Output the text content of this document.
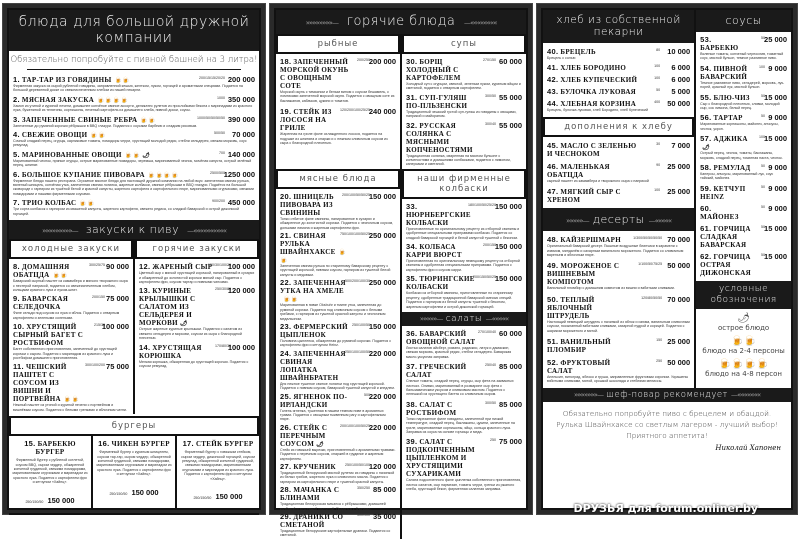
блюда для большой дружной компании
Обязательно попробуйте с пивной башней на 3 литра!
1. ТАР-ТАР ИЗ ГОВЯДИНЫ 🍺🍺
Фирменная закуска из сырой рубленой говядины, заправленной кешью, желтком, луком, горчицей и ароматными специями. Подается на большой деревянной доске со свежеиспеченным хлебом из нашей пекарни.
200/15/15/20/20 200 000
2. МЯСНАЯ ЗАКУСКА 🍺🍺🍺🍺
Хамон из утиной и куриной печени, домашнее копчёное свиное ассорти, деликатес рулетов из прослойками бекона с маринадами из красного лука, бужениной из телятины, корнишоны, печеный картофель из домашнего хлеба, пивной доски, соусы.
1000 350 000
3. ЗАПЕЧЕННЫЕ СВИНЫЕ РЕБРА 🍺🍺
Запеченные до румяной корочки рёбрышки в BBQ глазури. Подаются с соусами барбекю и сладким рисовым.
1000/50/50/50/50 390 000
4. СВЕЖИЕ ОВОЩИ 🍺🍺
Сочный сладкий перец, огурцы, карликовые томаты, помидоры черри, хрустящий молодой редис, стебли сельдерея, свежая морковь, соус ремулад.
500/50 70 000
5. МАРИНОВАННЫЕ ОВОЩИ 🍺🍺 🌶
Маринованный чеснок, пряные огурцы, острые маринованные помидоры, черемша, маринованный чеснок, мочёная капуста, острый зелёный перец, шпинат.
700 140 000
6. БОЛЬШОЕ КУПАНИЕ ПИВОВАРА 🍺🍺🍺🍺
Фирменное блюдо нашего ресторана. Огромное мясное блюдо для настоящей дружной компании на любой вкус: запеченная свиная рулька, вяленый шницель, копчёная утка, запеченная свиная лопатка, жареные колбаски, свиные рёбрышки в BBQ глазури. Подаётся на большой сковороде с гарниром из тушёной белой и красной капусты, жареного картофеля и картофельного пюре, маринованными огурчиками, свежими помидорами и нашими фирменными соусами.
2500/500
1250 000
7. ТРИО КОЛБАС 🍺🍺
Три сорта колбасок с гарниром из квашеной капусты, жареного картофеля, свежего редиса, со сладкой баварской и острой дижонской горчицей.
900/200 450 000
»»»»»»»»»— закуски к пиву —««««««««««
холодные закуски
8. ДОМАШНЯЯ ОБАТЦДА 🍺🍺
Баварский сырный паштет из камамбера и мягкого творожного сыра с нестерой паприкой, подается со свежеиспеченным хлебом, кольцами красного лука и луком-шнит.
300/25/75 90 000
9. БАВАРСКАЯ СЕЛЕДОЧКА
Филе сельди под соусом из лука и яблок. Подается с отварным картофелем и зелеными солеными.
200/150 75 000
10. ХРУСТЯЩИЙ СЫРНЫЙ БАГЕТ С РОСТБИФОМ
Багет собственного приготовления, запеченный до хрустящей корочки с сыром. Подается с маринадом из красного лука и ростбифом домашнего приготовления.
215/30
100 000
11. ЧЕШСКИЙ ПАШТЕТ С СОУСОМ ИЗ ВИШНИ И ПОРТВЕЙНА 🍺🍺
Нежный паштет из утиной и куриной печени с портвейном и вишнёвым соусом. Подается с белыми гренками и яблочным чатни.
300/100/200 75 000
горячие закуски
12. ЖАРЕНЫЙ СЫР
Цветный сыр с мягкой хрустящей корочкой, панированный в сухарях и обжаренный до золотистой корочки мягкий сыр. Подается с картофелем фри, соусом тартар и пивными чипсами.
150/30/100/20
100 000
13. КУРИНЫЕ КРЫЛЫШКИ С САЛАТОМ ИЗ СЕЛЬДЕРЕЯ И МОРКОВИ 🌶
Острые жареные куриные крылышки. Подаются с салатом из свежего сельдерея и моркови, соусом из сыра с благородной плесенью.
250/30/80
120 000
14. ХРУСТЯЩАЯ КОРЮШКА
Мелкая корюшка, обжаренная до хрустящей корочки. Подается с соусом ремулад.
170/80/30
100 000
бургеры
15. БАРБЕКЮ БУРГЕР
Фирменный бургер с рубленой котлетой, соусом BBQ, сыром чеддер, обжаренной копченой грудинкой, свежими помидорами, маринованными огурчиками и маринадом из красного лука. Подается с картофелем фри и кетчупом «Хайнц».
250/150/50 150 000
16. ЧИКЕН БУРГЕР
Фирменный бургер с куриным шницелем, соусом тар-тар, сыром чеддер, обжаренной копченой грудинкой, свежими помидорами, маринованными огурчиками и маринадом из красного лука. Подается с картофелем фри и кетчупом «Хайнц».
250/150/50 150 000
17. СТЕЙК БУРГЕР
Фирменный бургер с говяжьим стейком, сыром чеддер, дижонской горчицей, соусом ремулад, обжаренной копченой грудинкой, свежими помидорами, маринованными огурчиками и маринадом из красного лука. Подается с картофелем фри и кетчупом «Хайнц».
250/150/50 150 000
»»»»»»»»— горячие блюда —««««««««
рыбные
18. ЗАПЕЧЕННЫЙ МОРСКОЙ ОКУНЬ С ОВОЩНЫМ СОТЕ
Морской окунь с тимьяном и белым вином с соусом бешамель, с ломтиками запеченной морской окуня. Подается с овощным соте из баклажанов, кабачков, цукини и томатов.
200/250
200 000
19. СТЕЙК ИЗ ЛОСОСЯ НА ГРИЛЕ
Жаренная на гриле филе охлажденного лосося, подается на подушке из шпината и спаржи и с нежным сливочным соусом из сыра с благородной плесенью.
120/200/100/25/25
240 000
супы
30. БОРЩ ХОЛОДНЫЙ С КАРТОФЕЛЕМ
Холодный суп с огурцом, свеклой, зеленым луком, куриным яйцом и сметаной, подается с отварным картофелем.
270/150 60 000
31. СУП-ГУЛЯШ ПО-ПЛЬЗЕНСКИ
Традиционный чешский густой суп-гуляш из говядины с овощами, паприкой и майораном.
300/50 55 000
32. РУССКАЯ СОЛЯНКА С МЯСНЫМИ КОПЧЕНОСТЯМИ
Традиционная солянка, сваренная на мясном бульоне с копченостями и домашними колбасками, подается с лимоном, каперсами и сметаной.
300/40 55 000
мясные блюда
20. ШНИЦЕЛЬ ПИВОВАРА ИЗ СВИНИНЫ
Тонко отбитое филе свинины, панированное в сухарях и обжаренное до золотистой корочки. Подается с чесночным соусом, дольками лимона и жареным картофелем фри.
200/100/50/50/25
150 000
21. СВИНАЯ РУЛЬКА ШВАЙНХАКСЕ 🍺🍺
Запеченная свиная рулька по старинному баварскому рецепту с хрустящей корочкой, пивным соусом, гарниром из тушеной белой капусты и медовым.
750/100/100/50/25
250 000
22. ЗАПЕЧЕННАЯ УТКА НА ХМЕЛЕ🍺🍺
Маринованная в пивке Oksbuhr и тмине утка, запеченная до румяной корочки. Подается под сливочным соусом с белыми грибами, с гарниром из тушеной красной капусты и чесночным медальоном.
500/200/100/30
250 000
23. ФЕРМЕРСКИЙ ЦЫПЛЕНОК
Половина цыпленка, обжаренная до румяной корочки. Подается с картофелем фри и кетчупом Heinz.
250/100/50
150 000
24. ЗАПЕЧЕННАЯ СВИНАЯ ЛОПАТКА ШВАЙНБРАТЕН
Дня нежное тушеное свиное лопатки под хрустящей корочкой. Подается с пивным соусом, баварской тушеной капустой и кнедлем.
250/100/100/50
220 000
25. ЯГНЕНОК ПО-ИРЛАНДСКИ
Голень ягненка, тушенная в нашем темном пиве в ароматных травах. Подается с овощным тыквенным рагу и картофельным пюре.
500
220 000
26. СТЕЙК С ПЕРЕЧНЫМ СОУСОМ 🌶
Стейк из говяжьей вырезки, приготовленный с ароматными травами. Подается с перечным соусом, спаржей в грудинке и жареным картофелем.
200/100/100/50/25
220 000
27. КРУЧЕНИК
Традиционный белорусский мясной рулетик из говядины с начинкой из белых грибов, жареного лука и сливочного масла. Подается с гарниром из картофельного пюре и тушеной красной капусты.
250/100/50/100
120 000
28. МАЧАНКА С БЛИНАМИ
Традиционная белорусская мачанка с рёбрышками, домашней колбасой и хрустящей свининой. Подается с блинами.
350/250 85 000
29. ДРАНИКИ СО СМЕТАНОЙ
Традиционные белорусские картофельные драники. Подаются со сметаной.
300/100 35 000
наши фирменные колбаски
33. НЮРНБЕРГСКИЕ КОЛБАСКИ
Приготовленные по оригинальному рецепту из отборной свинины и сдобренные специальными приправами колбаски. Подается со сладкой баварской горчицей и белой капустой тушеной с беконом.
180/100/50/25/20
150 000
34. КОЛБАСА КАРРИ ВЮРСТ
Приготовленная по оригинальному немецкому рецепту из отборной свинины и сдобренная специальными приправами. Подается с картофелем фри и соусом карри.
200/150
150 000
35. ТЮРИНГСКИЕ КОЛБАСКИ
Колбаски из отборной свинины, приготовленные по старинному рецепту, сдобренные традиционной баварской смесью специй. Подается с гарниром из белой капусты тушеной с беконом, жареным картофелем и острой дижонской горчицей.
200/150/50/25
150 000
»»»»»— салаты —«««««
36. БАВАРСКИЙ ОВОЩНОЙ САЛАТ
Листья салатов айсберг, романо, радиккио, латук и дамаскин, свежая морковь, красный редис, стебли сельдерея. Баварская масло-уксусная заправка.
270/100/40 60 000
37. ГРЕЧЕСКИЙ САЛАТ
Спелые томаты, сладкий перец, огурцы, сыр фета на заквасных листьях. Оливки, маринованный в розмарине сыр фета с бальзамическим уксусом и оливковым маслом. Подается с лепешкой из хрустящего багета со сливочным сыром.
250/40 85 000
38. САЛАТ С РОСТБИФОМ
Тонко нарезанное филе говядины, запеченной при низкой температуре, сладкий перец, баклажаны, цукини, запеченные на гриле, маринованные корнишоны, яйцо, кольца красного лука. Заправка из соуса на основе горчицы и меда.
300/50 85 000
39. САЛАТ С ПОДКОПЧЕННЫМ ЦЫПЛЕНКОМ И ХРУСТЯЩИМИ СУХАРИКАМИ
Салата подкопченного филе цыпленка собственного приготовления, листья салатов, сыр пармезан, томаты черри, гренки из ржаного хлеба, хрустящий бекон, фирменная салатная заправка.
250 75 000
хлеб из собственной пекарни
40. БРЕЦЕЛЬ
Брецель с солью
80 10 000
41. ХЛЕБ БОРОДИНО	100 6 000
42. ХЛЕБ КУПЕЧЕСКИЙ	100 6 000
43. БУЛОЧКА ЛУКОВАЯ	50 5 000
44. ХЛЕБНАЯ КОРЗИНА
Брецель, булочка луковая, хлеб Бородино, хлеб Купеческий
400 50 000
дополнения к хлебу
45. МАСЛО С ЗЕЛЕНЬЮ И ЧЕСНОКОМ
30 7 000
46. МАЛЕНЬКАЯ ОБАТЦДА
сырный паштет из камамбера и творожного сыра с паприкой
90 25 000
47. МЯГКИЙ СЫР С ХРЕНОМ
100 25 000
»»»»»— десерты —«««««
48. КАЙЗЕРШМАРН
Оригинальный баварский десерт. Пышные воздушные блинчики в карамели с изюмом, миндалём и сахарным ванильного мороженого. Подается со сливочным вареньем и яблочным пюре.
1/300/50/50/50/50 70 000
49. МОРОЖЕНОЕ С ВИШНЕВЫМ КОМПОТОМ
Ванильный пломбир с домашним компотом из вишни и взбитыми сливками.
1/100/50/75/25 50 000
50. ТЕПЛЫЙ ЯБЛОЧНЫЙ ШТРУДЕЛЬ
Настоящий немецкий штрудель с начинкой из яблок и изюма, ванильным сливочным соусом, посыпанный взбитыми сливками, сахарной пудрой и корицей. Подается с шариком мороженого и мятой.
120/80/50/50 70 000
51. ВАНИЛЬНЫЙ ПЛОМБИР
150 25 000
52. ФРУКТОВЫЙ САЛАТ
Апельсин, виноград, яблоко и груша, заправленные фруктовым сиропом. Украшены взбитыми сливками, мятой, крошкой шоколада и стеблями мелиссы.
250 50 000
соусы
53. БАРБЕКЮ
Вяленые томаты, копченый чернослив, томатный соус, мясной бульон, темное разливное пиво.
50 25 000
54. ПИВНОЙ БАВАРСКИЙ
Темное разливное пиво, сельдерей, морковь, лук-порей, красный лук, мясной бульон.
100 9 000
55. БЛЮ-ЧИЗ
Сыр с благородной плесенью, сливки, молодой сыр, сок лимона, белый перец.
50 15 000
56. ТАРТАР
Маринованные корнишоны, майонез, анчоусы, чеснок, укроп.
50 9 000
57. АДЖИКА🌶
Острый перец, чеснок, томаты, баклажаны, морковь, сладкий перец, томатная паста, чеснок.
100 15 000
58. РЕМУЛАД
Каперсы, анчоусы, маринованный лук, соус тайский, майонез.
50 9 000
59. КЕТЧУП HEINZ
50 9 000
60. МАЙОНЕЗ
50 9 000
61. ГОРЧИЦА СЛАДКАЯ БАВАРСКАЯ
50 15 000
62. ГОРЧИЦА ОСТРАЯ ДИЖОНСКАЯ
50 15 000
условные
обозначения
🌶
острое блюдо
🍺🍺
блюдо на 2-4 персоны
🍺🍺🍺🍺
блюдо на 4-8 персон
»»»»»»»— шеф-повар рекомендует —«««««««
Обязательно попробуйте пиво с брецелем и обацдой.
Рулька Швайнхаксе со светлым лагером - лучший выбор!
Приятного аппетита!
Николай Хапонен
DРУЗЬЯ для forum.onliner.by
